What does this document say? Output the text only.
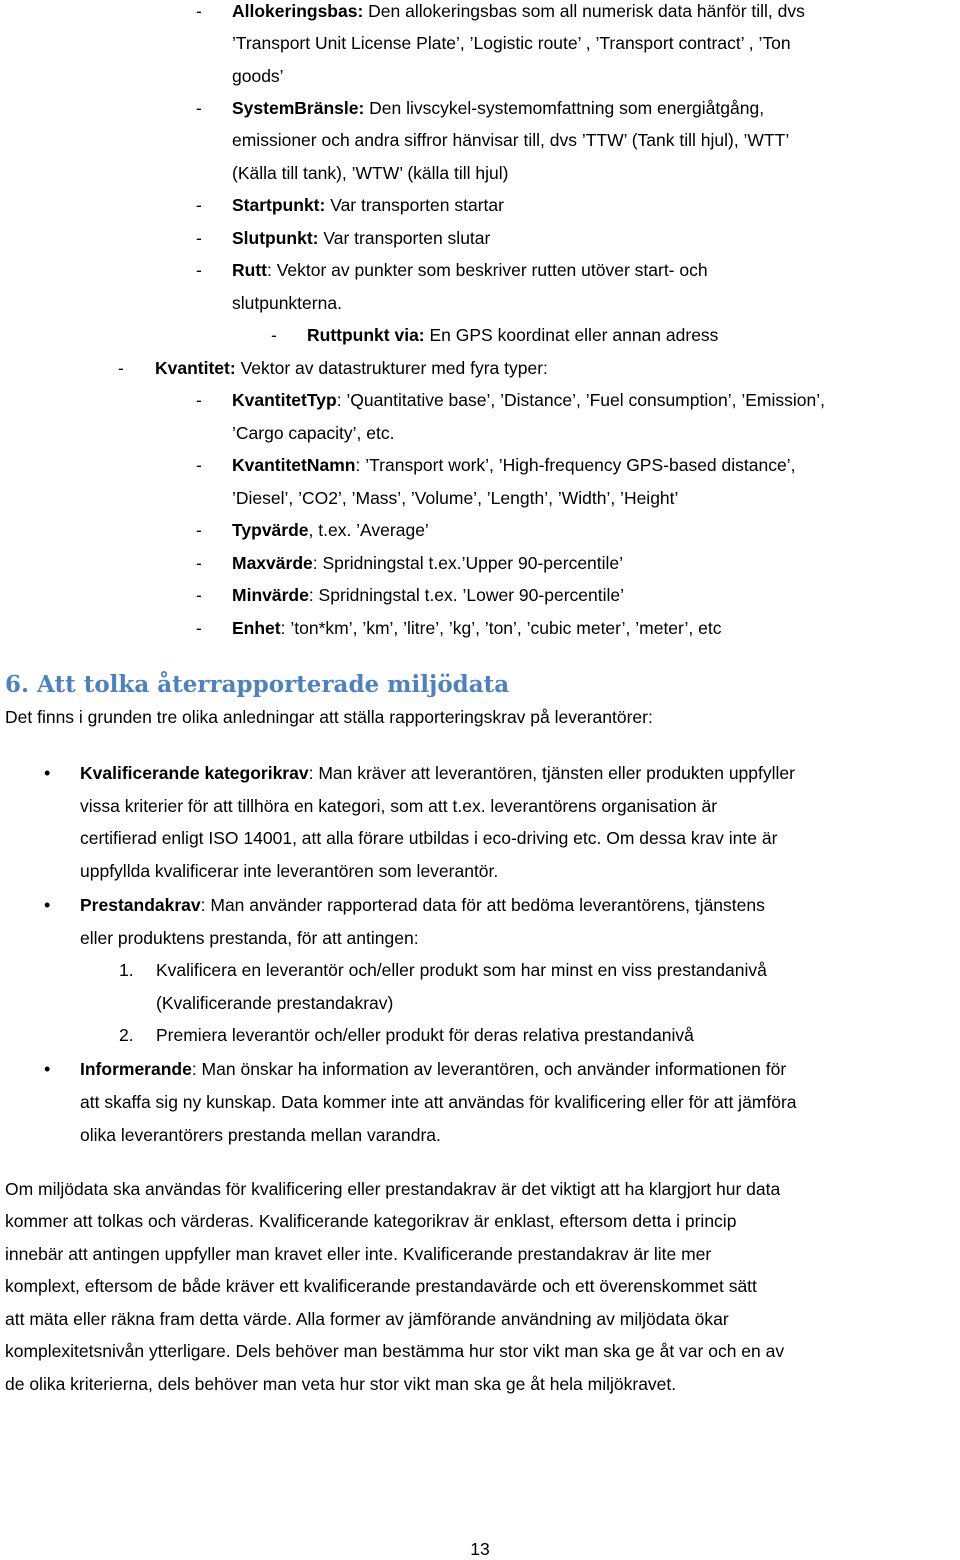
- Allokeringsbas: Den allokeringsbas som all numerisk data hänför till, dvs
’Transport Unit License Plate’, ’Logistic route’ , ’Transport contract’ , ’Ton
goods’
- SystemBränsle: Den livscykel-systemomfattning som energiåtgång,
emissioner och andra siffror hänvisar till, dvs ’TTW’ (Tank till hjul), ’WTT’
(Källa till tank), ’WTW’ (källa till hjul)
- Startpunkt: Var transporten startar
- Slutpunkt: Var transporten slutar
- Rutt: Vektor av punkter som beskriver rutten utöver start- och
slutpunkterna.
- Ruttpunkt via: En GPS koordinat eller annan adress
- Kvantitet: Vektor av datastrukturer med fyra typer:
- KvantitetTyp: ’Quantitative base’, ’Distance’, ’Fuel consumption’, ’Emission’,
’Cargo capacity’, etc.
- KvantitetNamn: ’Transport work’, ’High-frequency GPS-based distance’,
’Diesel’, ’CO2’, ’Mass’, ’Volume’, ’Length’, ’Width’, ’Height’
- Typvärde, t.ex. ’Average’
- Maxvärde: Spridningstal t.ex.’Upper 90-percentile’
- Minvärde: Spridningstal t.ex. ’Lower 90-percentile’
- Enhet: ’ton*km’, ’km’, ’litre’, ’kg’, ’ton’, ’cubic meter’, ’meter’, etc
6. Att tolka återrapporterade miljödata
Det finns i grunden tre olika anledningar att ställa rapporteringskrav på leverantörer:
• Kvalificerande kategorikrav: Man kräver att leverantören, tjänsten eller produkten uppfyller
vissa kriterier för att tillhöra en kategori, som att t.ex. leverantörens organisation är
certifierad enligt ISO 14001, att alla förare utbildas i eco-driving etc. Om dessa krav inte är
uppfyllda kvalificerar inte leverantören som leverantör.
• Prestandakrav: Man använder rapporterad data för att bedöma leverantörens, tjänstens
eller produktens prestanda, för att antingen:
1. Kvalificera en leverantör och/eller produkt som har minst en viss prestandanivå
(Kvalificerande prestandakrav)
2. Premiera leverantör och/eller produkt för deras relativa prestandanivå
• Informerande: Man önskar ha information av leverantören, och använder informationen för
att skaffa sig ny kunskap. Data kommer inte att användas för kvalificering eller för att jämföra
olika leverantörers prestanda mellan varandra.
Om miljödata ska användas för kvalificering eller prestandakrav är det viktigt att ha klargjort hur data
kommer att tolkas och värderas. Kvalificerande kategorikrav är enklast, eftersom detta i princip
innebär att antingen uppfyller man kravet eller inte. Kvalificerande prestandakrav är lite mer
komplext, eftersom de både kräver ett kvalificerande prestandavärde och ett överenskommet sätt
att mäta eller räkna fram detta värde. Alla former av jämförande användning av miljödata ökar
komplexitetsnivån ytterligare. Dels behöver man bestämma hur stor vikt man ska ge åt var och en av
de olika kriterierna, dels behöver man veta hur stor vikt man ska ge åt hela miljökravet.
13
